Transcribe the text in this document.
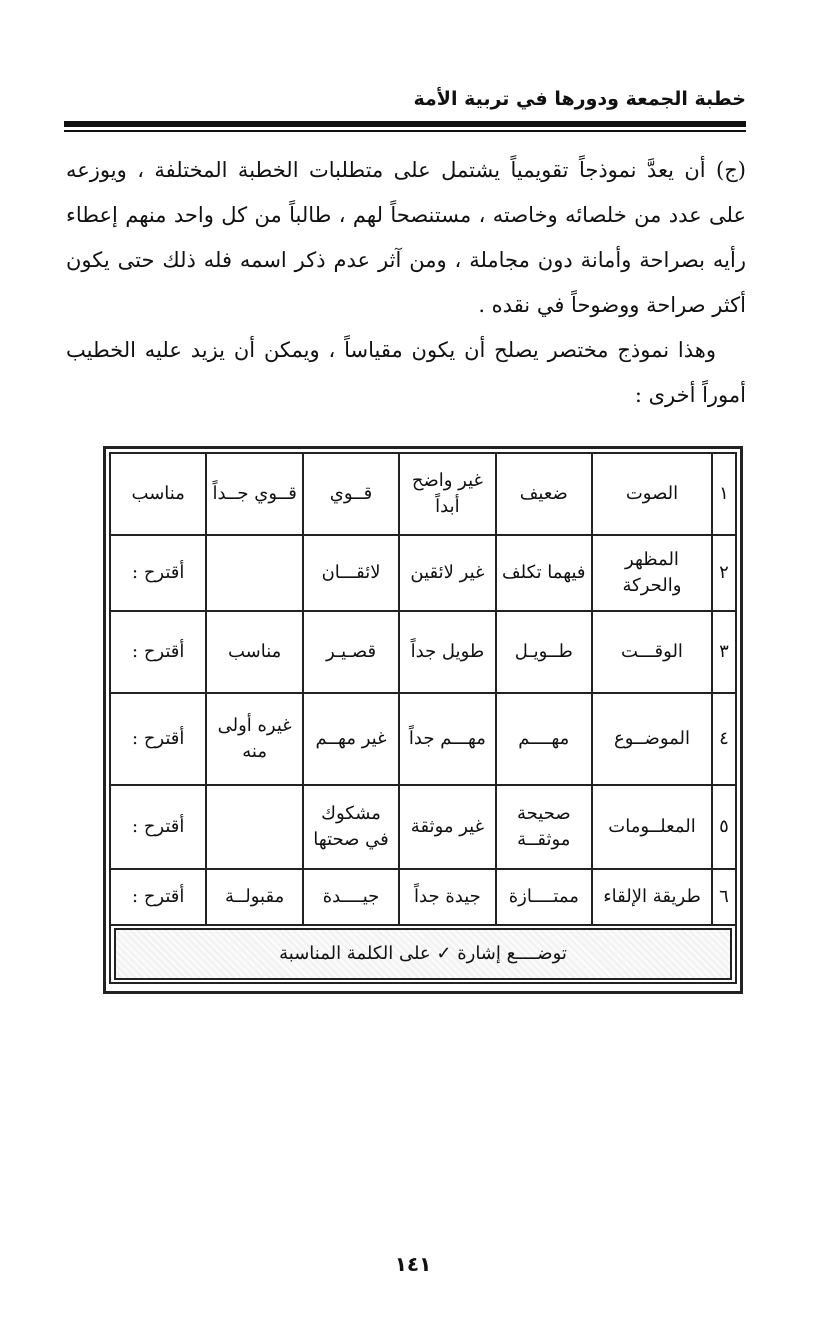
خطبة الجمعة ودورها في تربية الأمة

(ج) أن يعدَّ نموذجاً تقويمياً يشتمل على متطلبات الخطبة المختلفة ، ويوزعه على عدد من خلصائه وخاصته ، مستنصحاً لهم ، طالباً من كل واحد منهم إعطاء رأيه بصراحة وأمانة دون مجاملة ، ومن آثر عدم ذكر اسمه فله ذلك حتى يكون أكثر صراحة ووضوحاً في نقده .

وهذا نموذج مختصر يصلح أن يكون مقياساً ، ويمكن أن يزيد عليه الخطيب أموراً أخرى :

١	الصوت	ضعيف	غير واضح أبداً	قــوي	قــوي جــداً	مناسب
٢	المظهر والحركة	فيهما تكلف	غير لائقين	لائقـــان		أقترح :
٣	الوقـــت	طــويـل	طويل جداً	قصـيـر	مناسب	أقترح :
٤	الموضــوع	مهــــم	مهـــم جداً	غير مهــم	غيره أولى منه	أقترح :
٥	المعلــومات	صحيحة موثقــة	غير موثقة	مشكوك في صحتها		أقترح :
٦	طريقة الإلقاء	ممتــــازة	جيدة جداً	جيــــدة	مقبولــة	أقترح :

توضــــع إشارة ✓ على الكلمة المناسبة						
١٤١
